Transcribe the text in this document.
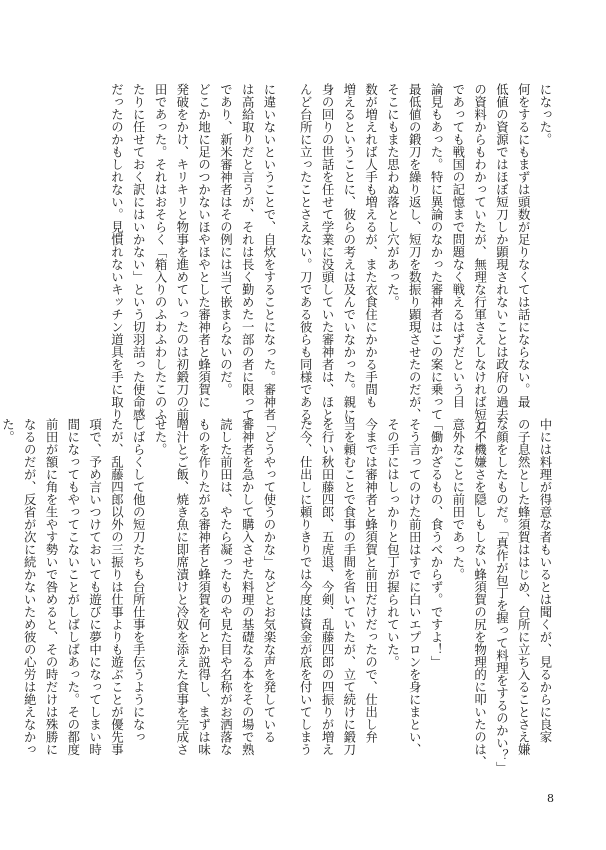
になった。
何をするにもまずは頭数が足りなくては話にならない。最
低値の資源ではほぼ短刀しか顕現されないことは政府の過去
の資料からもわかっていたが、無理な行軍さえしなければ短刀
であっても戦国の記憶まで問題なく戦えるはずだという目
論見もあった。特に異論のなかった審神者はこの案に乗って
最低値の鍛刀を繰り返し、短刀を数振り顕現させたのだが、
そこにもまた思わぬ落とし穴があった。
数が増えれば人手も増えるが、また衣食住にかかる手間も
増えるということに、彼らの考えは及んでいなかった。親に
身の回りの世話を任せて学業に没頭していた審神者は、ほと
んど台所に立ったことさえない。刀である彼らも同様である。
に違いないということで、自炊をすることになった。審神者
は高給取りだと言うが、それは長く勤めた一部の者に限って
であり、新米審神者はその例には当て嵌まらないのだ。
どこか地に足のつかないほやほやとした審神者と蜂須賀に
発破をかけ、キリキリと物事を進めていったのは初鍛刀の前
田であった。それはおそらく「箱入りのふわふわしたこのふ
たりに任せておく訳にはいかない」という切羽詰った使命感
だったのかもしれない。見慣れないキッチン道具を手に取り
中には料理が得意な者もいるとは聞くが、見るからに良家
の子息然とした蜂須賀ははじめ、台所に立ち入ることさえ嫌
な顔をしたものだ。「真作が包丁を握って料理をするのかい？」
と不機嫌さを隠しもしない蜂須賀の尻を物理的に叩いたのは、
意外なことに前田であった。
「働かざるもの、食うべからず。ですよ！」
そう言ってのけた前田はすでに白いエプロンを身にまとい、
その手にはしっかりと包丁が握られていた。
今までは審神者と蜂須賀と前田だけだったので、仕出し弁
当を頼むことで食事の手間を省いていたが、立て続けに鍛刀
を行い秋田藤四郎、五虎退、今剣、乱藤四郎の四振りが増え
た今、仕出しに頼りきりでは今度は資金が底を付いてしまう
「どうやって使うのかな」などとお気楽な声を発している
審神者を急かして購入させた料理の基礎なる本をその場で熟
読した前田は、やたら凝ったものや見た目や名称がお洒落な
ものを作りたがる審神者と蜂須賀を何とか説得し、まずは味
噌汁とご飯、焼き魚に即席漬けと冷奴を添えた食事を完成さ
せた。
しばらくして他の短刀たちも台所仕事を手伝うようになっ
たが、乱藤四郎以外の三振りは仕事よりも遊ぶことが優先事
項で、予め言いつけておいても遊びに夢中になってしまい時
間になってもやってこないことがしばしばあった。その都度
前田が額に角を生やす勢いで咎めると、その時だけは殊勝に
なるのだが、反省が次に続かないため彼の心労は絶えなかっ
た。
8
